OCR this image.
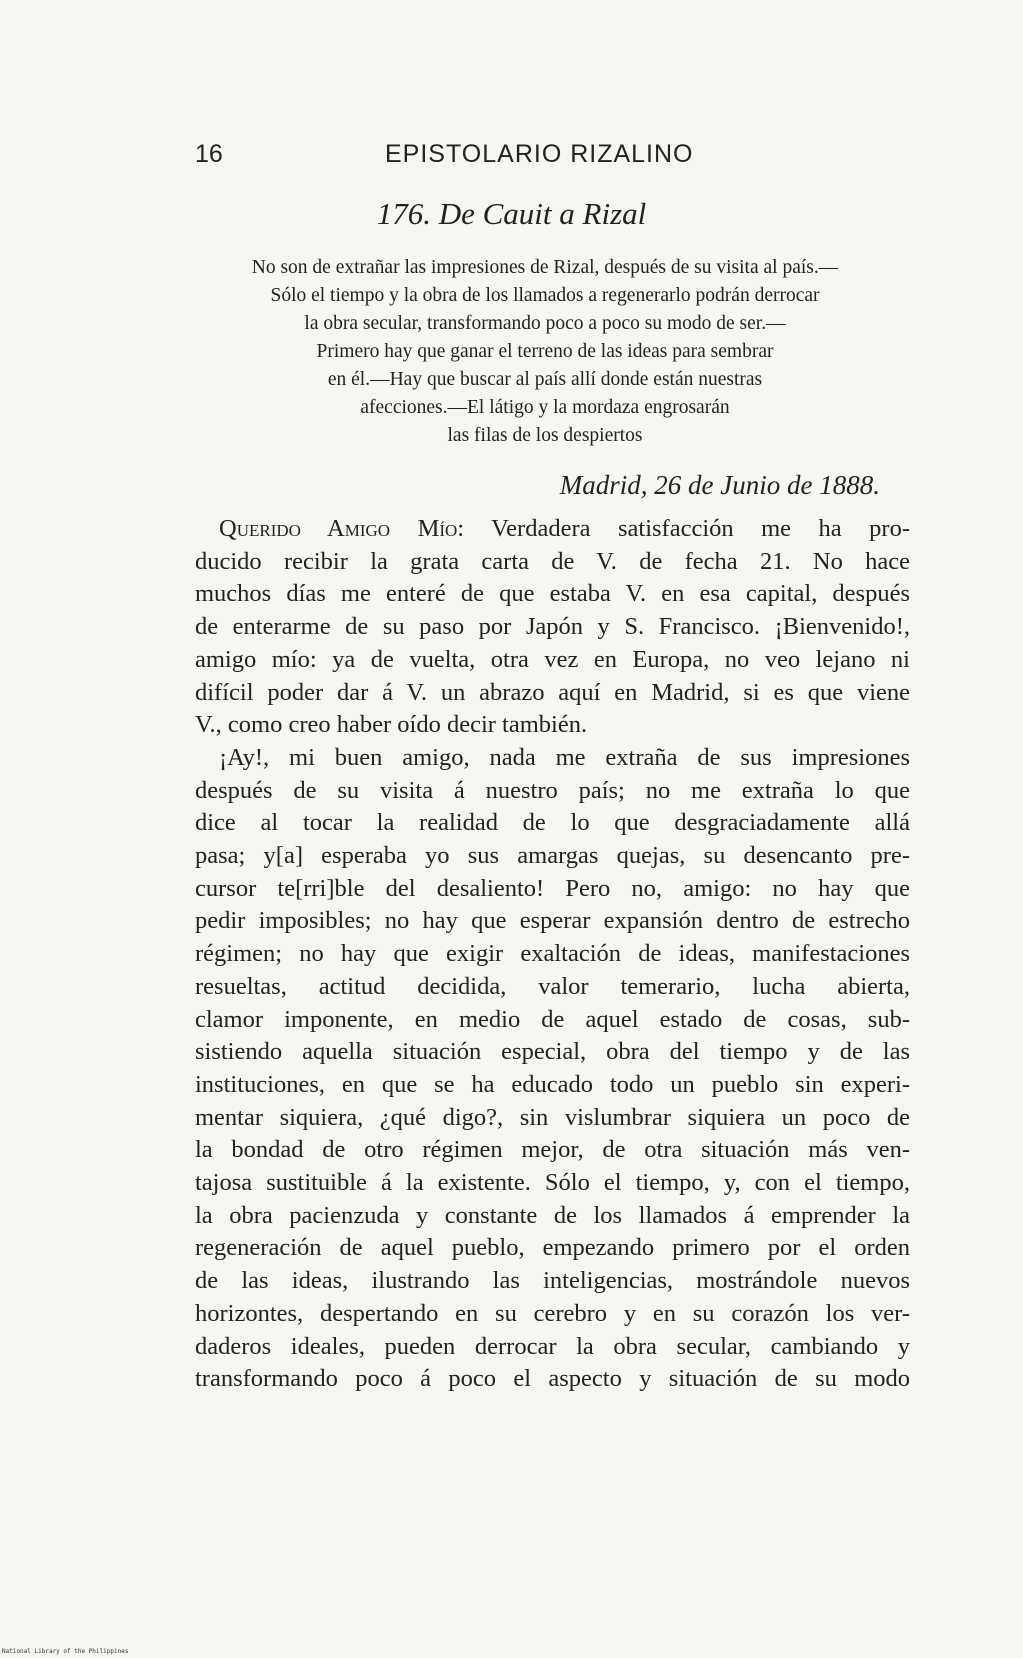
16	EPISTOLARIO RIZALINO
176. De Cauit a Rizal
No son de extrañar las impresiones de Rizal, después de su visita al país.—
Sólo el tiempo y la obra de los llamados a regenerarlo podrán derrocar
la obra secular, transformando poco a poco su modo de ser.—
Primero hay que ganar el terreno de las ideas para sembrar
en él.—Hay que buscar al país allí donde están nuestras
afecciones.—El látigo y la mordaza engrosarán
las filas de los despiertos
Madrid, 26 de Junio de 1888.
Querido Amigo Mío: Verdadera satisfacción me ha pro-
ducido recibir la grata carta de V. de fecha 21. No hace
muchos días me enteré de que estaba V. en esa capital, después
de enterarme de su paso por Japón y S. Francisco. ¡Bienvenido!,
amigo mío: ya de vuelta, otra vez en Europa, no veo lejano ni
difícil poder dar á V. un abrazo aquí en Madrid, si es que viene
V., como creo haber oído decir también.
¡Ay!, mi buen amigo, nada me extraña de sus impresiones
después de su visita á nuestro país; no me extraña lo que
dice al tocar la realidad de lo que desgraciadamente allá
pasa; y[a] esperaba yo sus amargas quejas, su desencanto pre-
cursor te[rri]ble del desaliento! Pero no, amigo: no hay que
pedir imposibles; no hay que esperar expansión dentro de estrecho
régimen; no hay que exigir exaltación de ideas, manifestaciones
resueltas, actitud decidida, valor temerario, lucha abierta,
clamor imponente, en medio de aquel estado de cosas, sub-
sistiendo aquella situación especial, obra del tiempo y de las
instituciones, en que se ha educado todo un pueblo sin experi-
mentar siquiera, ¿qué digo?, sin vislumbrar siquiera un poco de
la bondad de otro régimen mejor, de otra situación más ven-
tajosa sustituible á la existente. Sólo el tiempo, y, con el tiempo,
la obra pacienzuda y constante de los llamados á emprender la
regeneración de aquel pueblo, empezando primero por el orden
de las ideas, ilustrando las inteligencias, mostrándole nuevos
horizontes, despertando en su cerebro y en su corazón los ver-
daderos ideales, pueden derrocar la obra secular, cambiando y
transformando poco á poco el aspecto y situación de su modo
National Library of the Philippines
